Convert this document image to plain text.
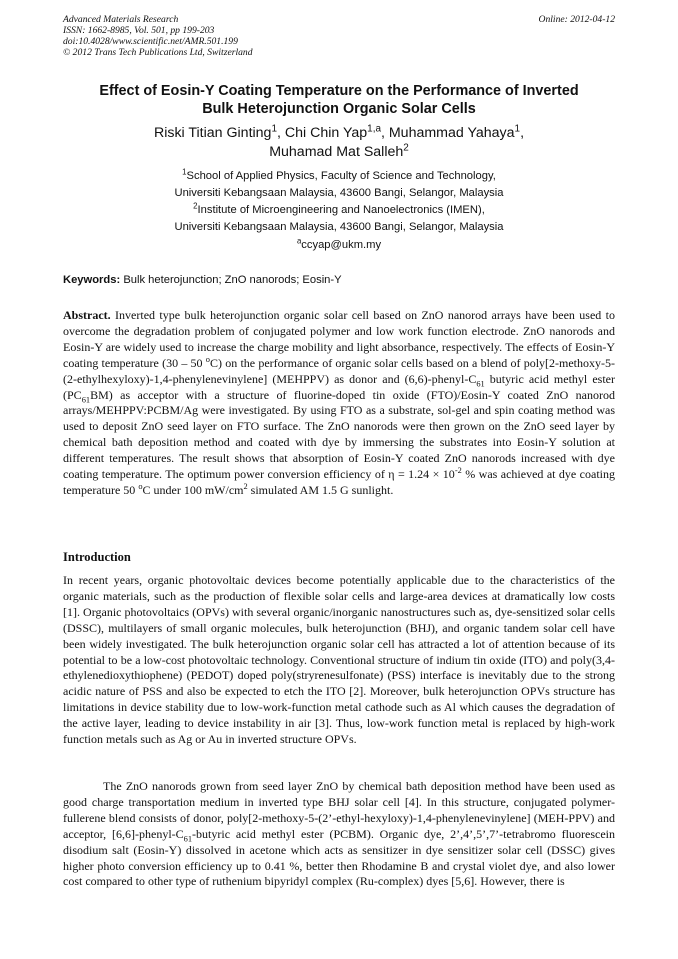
Advanced Materials Research
ISSN: 1662-8985, Vol. 501, pp 199-203
doi:10.4028/www.scientific.net/AMR.501.199
© 2012 Trans Tech Publications Ltd, Switzerland
Online: 2012-04-12
Effect of Eosin-Y Coating Temperature on the Performance of Inverted
Bulk Heterojunction Organic Solar Cells
Riski Titian Ginting$^1$, Chi Chin Yap$^{1,a}$, Muhammad Yahaya$^1$,
Muhamad Mat Salleh$^2$
$^1$School of Applied Physics, Faculty of Science and Technology,
Universiti Kebangsaan Malaysia, 43600 Bangi, Selangor, Malaysia
$^2$Institute of Microengineering and Nanoelectronics (IMEN),
Universiti Kebangsaan Malaysia, 43600 Bangi, Selangor, Malaysia
$^a$ccyap@ukm.my
Keywords: Bulk heterojunction; ZnO nanorods; Eosin-Y
Abstract. Inverted type bulk heterojunction organic solar cell based on ZnO nanorod arrays have been used to overcome the degradation problem of conjugated polymer and low work function electrode. ZnO nanorods and Eosin-Y are widely used to increase the charge mobility and light absorbance, respectively. The effects of Eosin-Y coating temperature (30 – 50 $^o$C) on the performance of organic solar cells based on a blend of poly[2-methoxy-5-(2-ethylhexyloxy)-1,4-phenylenevinylene] (MEHPPV) as donor and $(6,6)-phenyl-C_{61}$ butyric acid methyl ester $(PC_{61}BM)$ as acceptor with a structure of fluorine-doped tin oxide (FTO)/Eosin-Y coated ZnO nanorod arrays/MEHPPV:PCBM/Ag were investigated. By using FTO as a substrate, sol-gel and spin coating method was used to deposit ZnO seed layer on FTO surface. The ZnO nanorods were then grown on the ZnO seed layer by chemical bath deposition method and coated with dye by immersing the substrates into Eosin-Y solution at different temperatures. The result shows that absorption of Eosin-Y coated ZnO nanorods increased with dye coating temperature. The optimum power conversion efficiency of $\eta = 1.24 \times 10^{-2}$ % was achieved at dye coating temperature 50 $^o$C under 100 $mW/cm^2$ simulated AM 1.5 G sunlight.
Introduction
In recent years, organic photovoltaic devices become potentially applicable due to the characteristics of the organic materials, such as the production of flexible solar cells and large-area devices at dramatically low costs [1]. Organic photovoltaics (OPVs) with several organic/inorganic nanostructures such as, dye-sensitized solar cells (DSSC), multilayers of small organic molecules, bulk heterojunction (BHJ), and organic tandem solar cell have been widely investigated. The bulk heterojunction organic solar cell has attracted a lot of attention because of its potential to be a low-cost photovoltaic technology. Conventional structure of indium tin oxide (ITO) and poly(3,4-ethylenedioxythiophene) (PEDOT) doped poly(stryrenesulfonate) (PSS) interface is inevitably due to the strong acidic nature of PSS and also be expected to etch the ITO [2]. Moreover, bulk heterojunction OPVs structure has limitations in device stability due to low-work-function metal cathode such as Al which causes the degradation of the active layer, leading to device instability in air [3]. Thus, low-work function metal is replaced by high-work function metals such as Ag or Au in inverted structure OPVs.
The ZnO nanorods grown from seed layer ZnO by chemical bath deposition method have been used as good charge transportation medium in inverted type BHJ solar cell [4]. In this structure, conjugated polymer-fullerene blend consists of donor, poly[2-methoxy-5-(2’-ethyl-hexyloxy)-1,4-phenylenevinylene] (MEH-PPV) and acceptor, $[6,6]-phenyl-C_{61}$-butyric acid methyl ester (PCBM). Organic dye, 2’,4’,5’,7’-tetrabromo fluorescein disodium salt (Eosin-Y) dissolved in acetone which acts as sensitizer in dye sensitizer solar cell (DSSC) gives higher photo conversion efficiency up to 0.41 %, better then Rhodamine B and crystal violet dye, and also lower cost compared to other type of ruthenium bipyridyl complex (Ru-complex) dyes [5,6]. However, there is
